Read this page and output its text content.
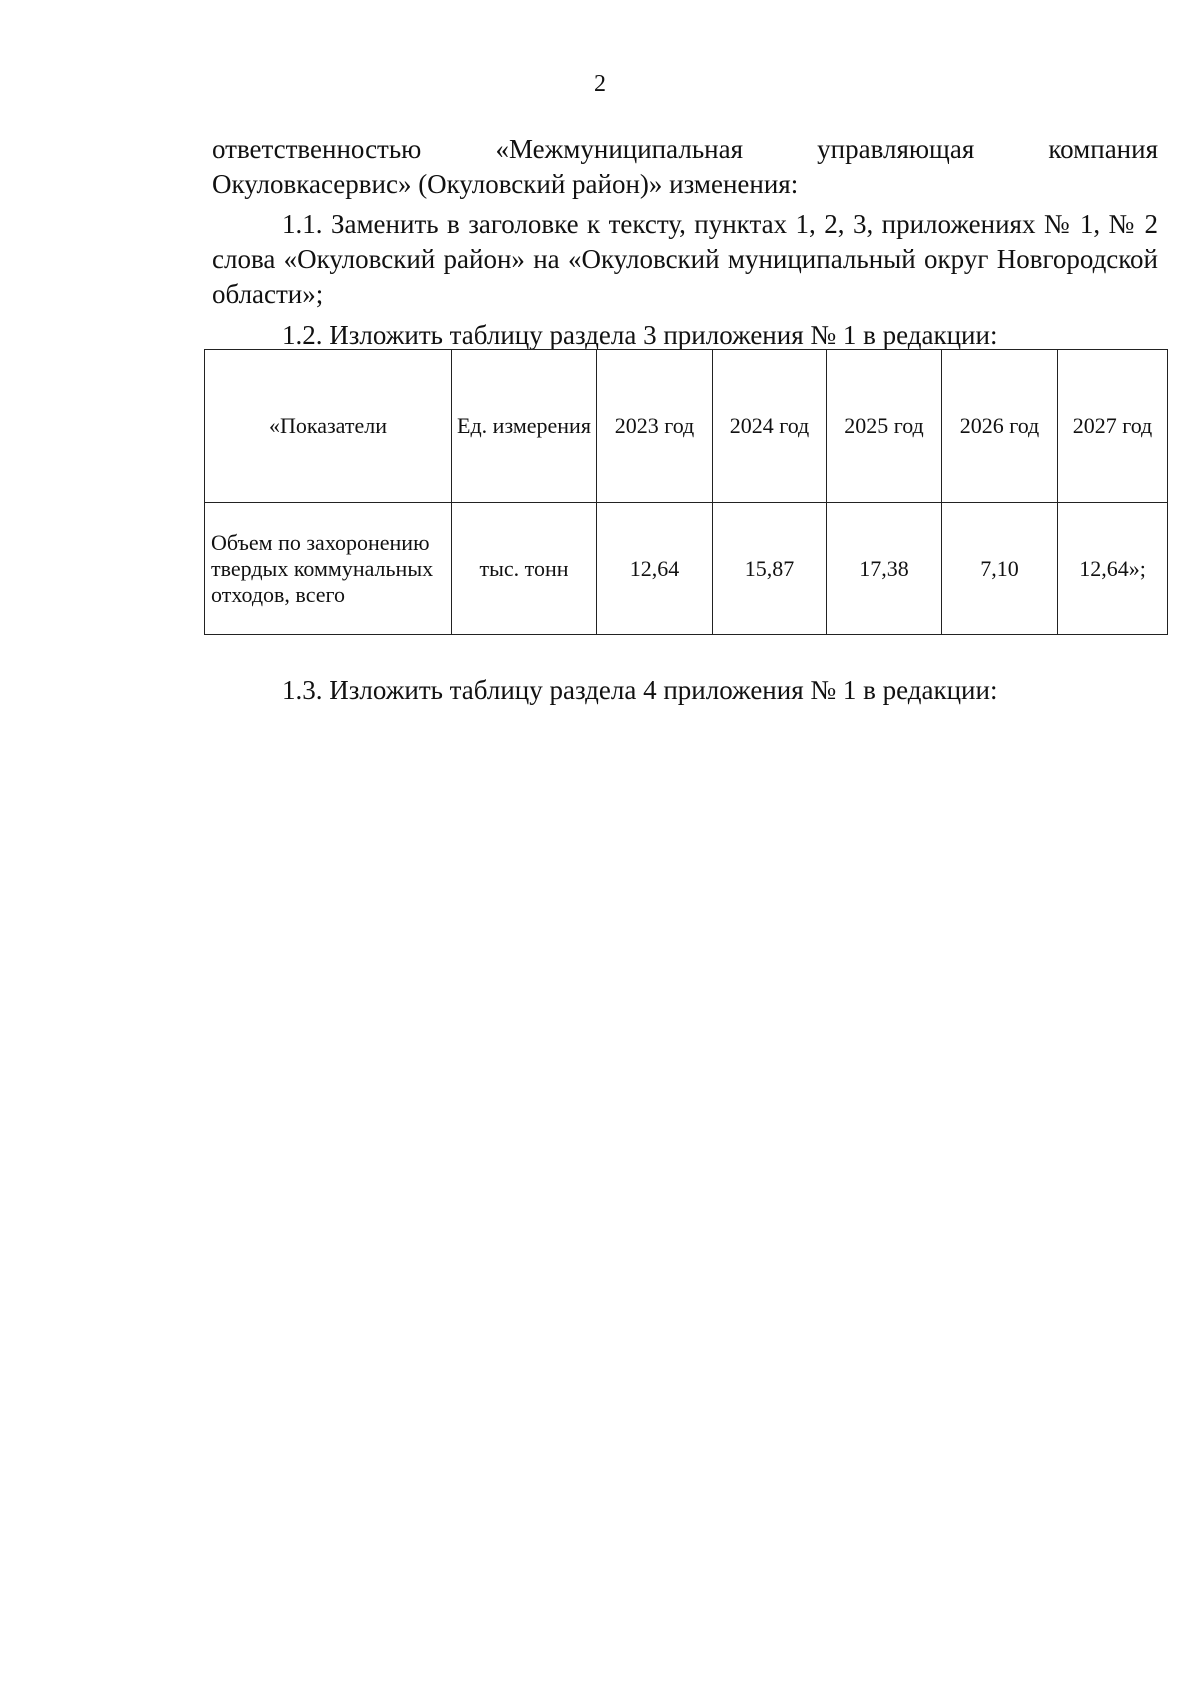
2

ответственностью «Межмуниципальная управляющая компания Окуловкасервис» (Окуловский район)» изменения:

1.1. Заменить в заголовке к тексту, пунктах 1, 2, 3, приложениях № 1, № 2 слова «Окуловский район» на «Окуловский муниципальный округ Новгородской области»;

1.2. Изложить таблицу раздела 3 приложения № 1 в редакции:

«Показатели	Ед. измерения	2023 год	2024 год	2025 год	2026 год	2027 год
Объем по захоронению твердых коммунальных отходов, всего	тыс. тонн	12,64	15,87	17,38	7,10	12,64»;

1.3. Изложить таблицу раздела 4 приложения № 1 в редакции:
